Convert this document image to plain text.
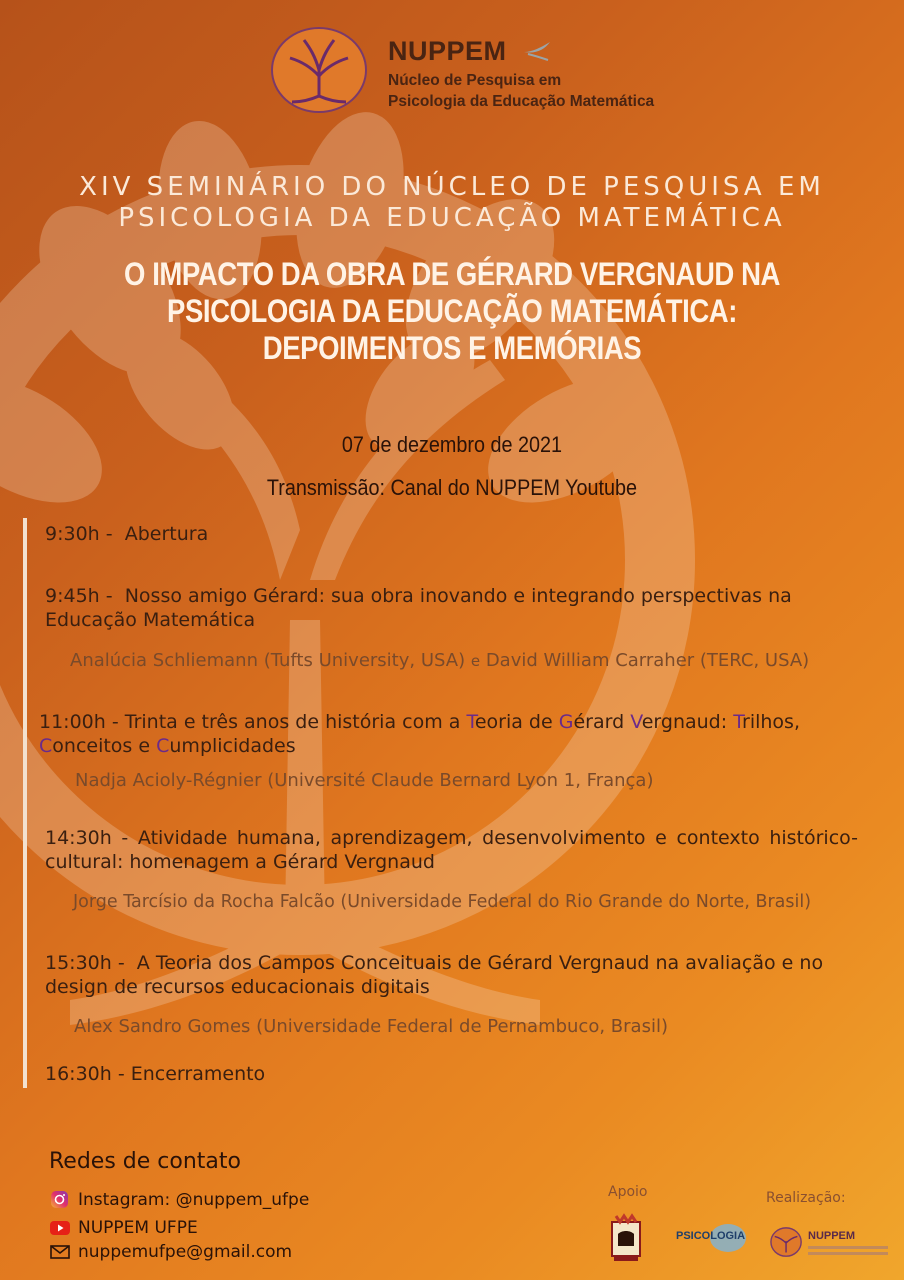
NUPPEM
Núcleo de Pesquisa em
Psicologia da Educação Matemática
XIV SEMINÁRIO DO NÚCLEO DE PESQUISA EM
PSICOLOGIA DA EDUCAÇÃO MATEMÁTICA
O IMPACTO DA OBRA DE GÉRARD VERGNAUD NA
PSICOLOGIA DA EDUCAÇÃO MATEMÁTICA:
DEPOIMENTOS E MEMÓRIAS
07 de dezembro de 2021
Transmissão: Canal do NUPPEM Youtube
9:30h - Abertura
9:45h - Nosso amigo Gérard: sua obra inovando e integrando perspectivas na Educação Matemática
Analúcia Schliemann (Tufts University, USA) e David William Carraher (TERC, USA)
11:00h - Trinta e três anos de história com a Teoria de Gérard Vergnaud: Trilhos,
Conceitos e Cumplicidades
Nadja Acioly-Régnier (Université Claude Bernard Lyon 1, França)
14:30h - Atividade humana, aprendizagem, desenvolvimento e contexto histórico-cultural: homenagem a Gérard Vergnaud
Jorge Tarcísio da Rocha Falcão (Universidade Federal do Rio Grande do Norte, Brasil)
15:30h - A Teoria dos Campos Conceituais de Gérard Vergnaud na avaliação e no design de recursos educacionais digitais
Alex Sandro Gomes (Universidade Federal de Pernambuco, Brasil)
16:30h - Encerramento
Redes de contato
Instagram: @nuppem_ufpe
NUPPEM UFPE
nuppemufpe@gmail.com
Apoio	Realização:
PSICOLOGIA	NUPPEM
